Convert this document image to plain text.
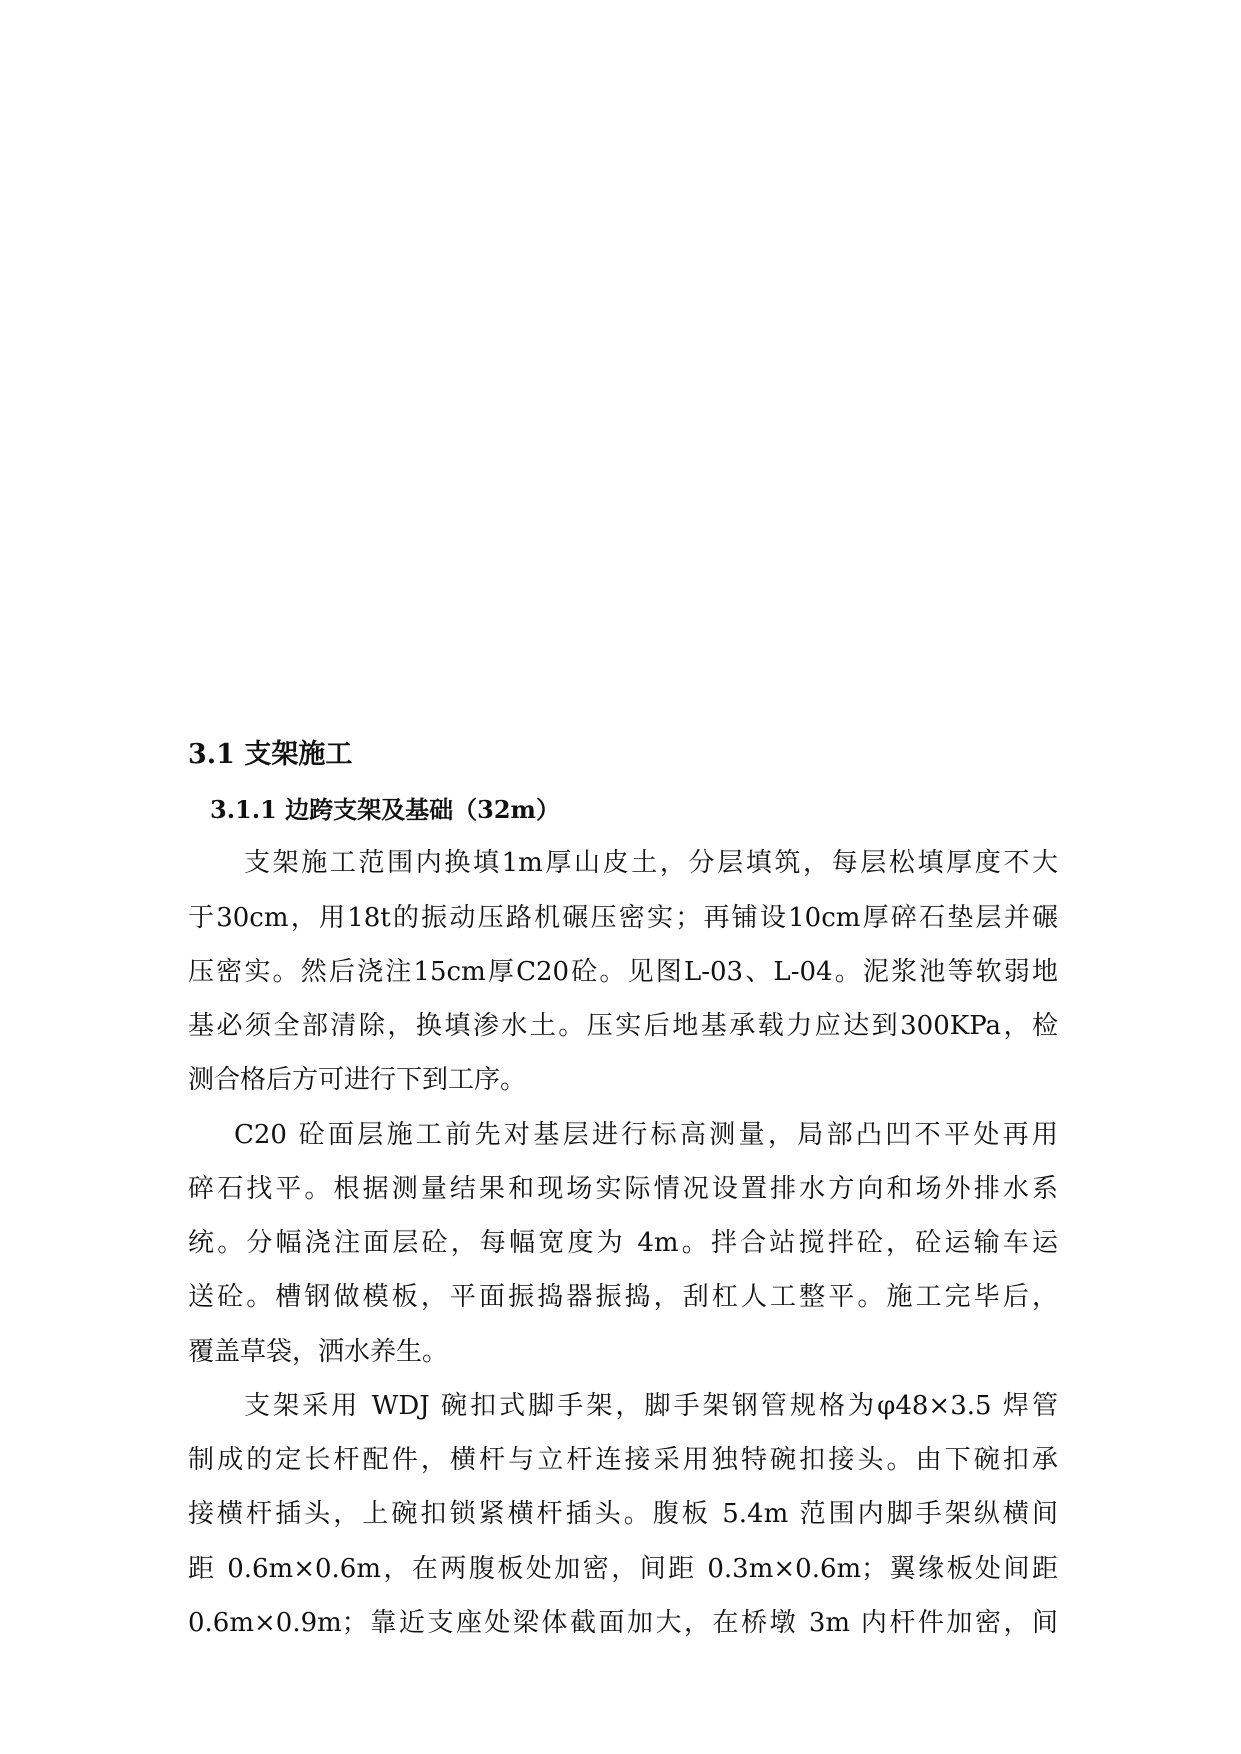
3.1 支架施工
3.1.1 边跨支架及基础（32m）
支架施工范围内换填1m厚山皮土，分层填筑，每层松填厚度不大
于30cm，用18t的振动压路机碾压密实；再铺设10cm厚碎石垫层并碾
压密实。然后浇注15cm厚C20砼。见图L-03、L-04。泥浆池等软弱地
基必须全部清除，换填渗水土。压实后地基承载力应达到300KPa，检
测合格后方可进行下到工序。
C20 砼面层施工前先对基层进行标高测量，局部凸凹不平处再用
碎石找平。根据测量结果和现场实际情况设置排水方向和场外排水系
统。分幅浇注面层砼，每幅宽度为 4m。拌合站搅拌砼，砼运输车运
送砼。槽钢做模板，平面振捣器振捣，刮杠人工整平。施工完毕后，
覆盖草袋，洒水养生。
支架采用 WDJ 碗扣式脚手架，脚手架钢管规格为φ48×3.5 焊管
制成的定长杆配件，横杆与立杆连接采用独特碗扣接头。由下碗扣承
接横杆插头，上碗扣锁紧横杆插头。腹板 5.4m 范围内脚手架纵横间
距 0.6m×0.6m，在两腹板处加密，间距 0.3m×0.6m；翼缘板处间距
0.6m×0.9m；靠近支座处梁体截面加大，在桥墩 3m 内杆件加密，间
